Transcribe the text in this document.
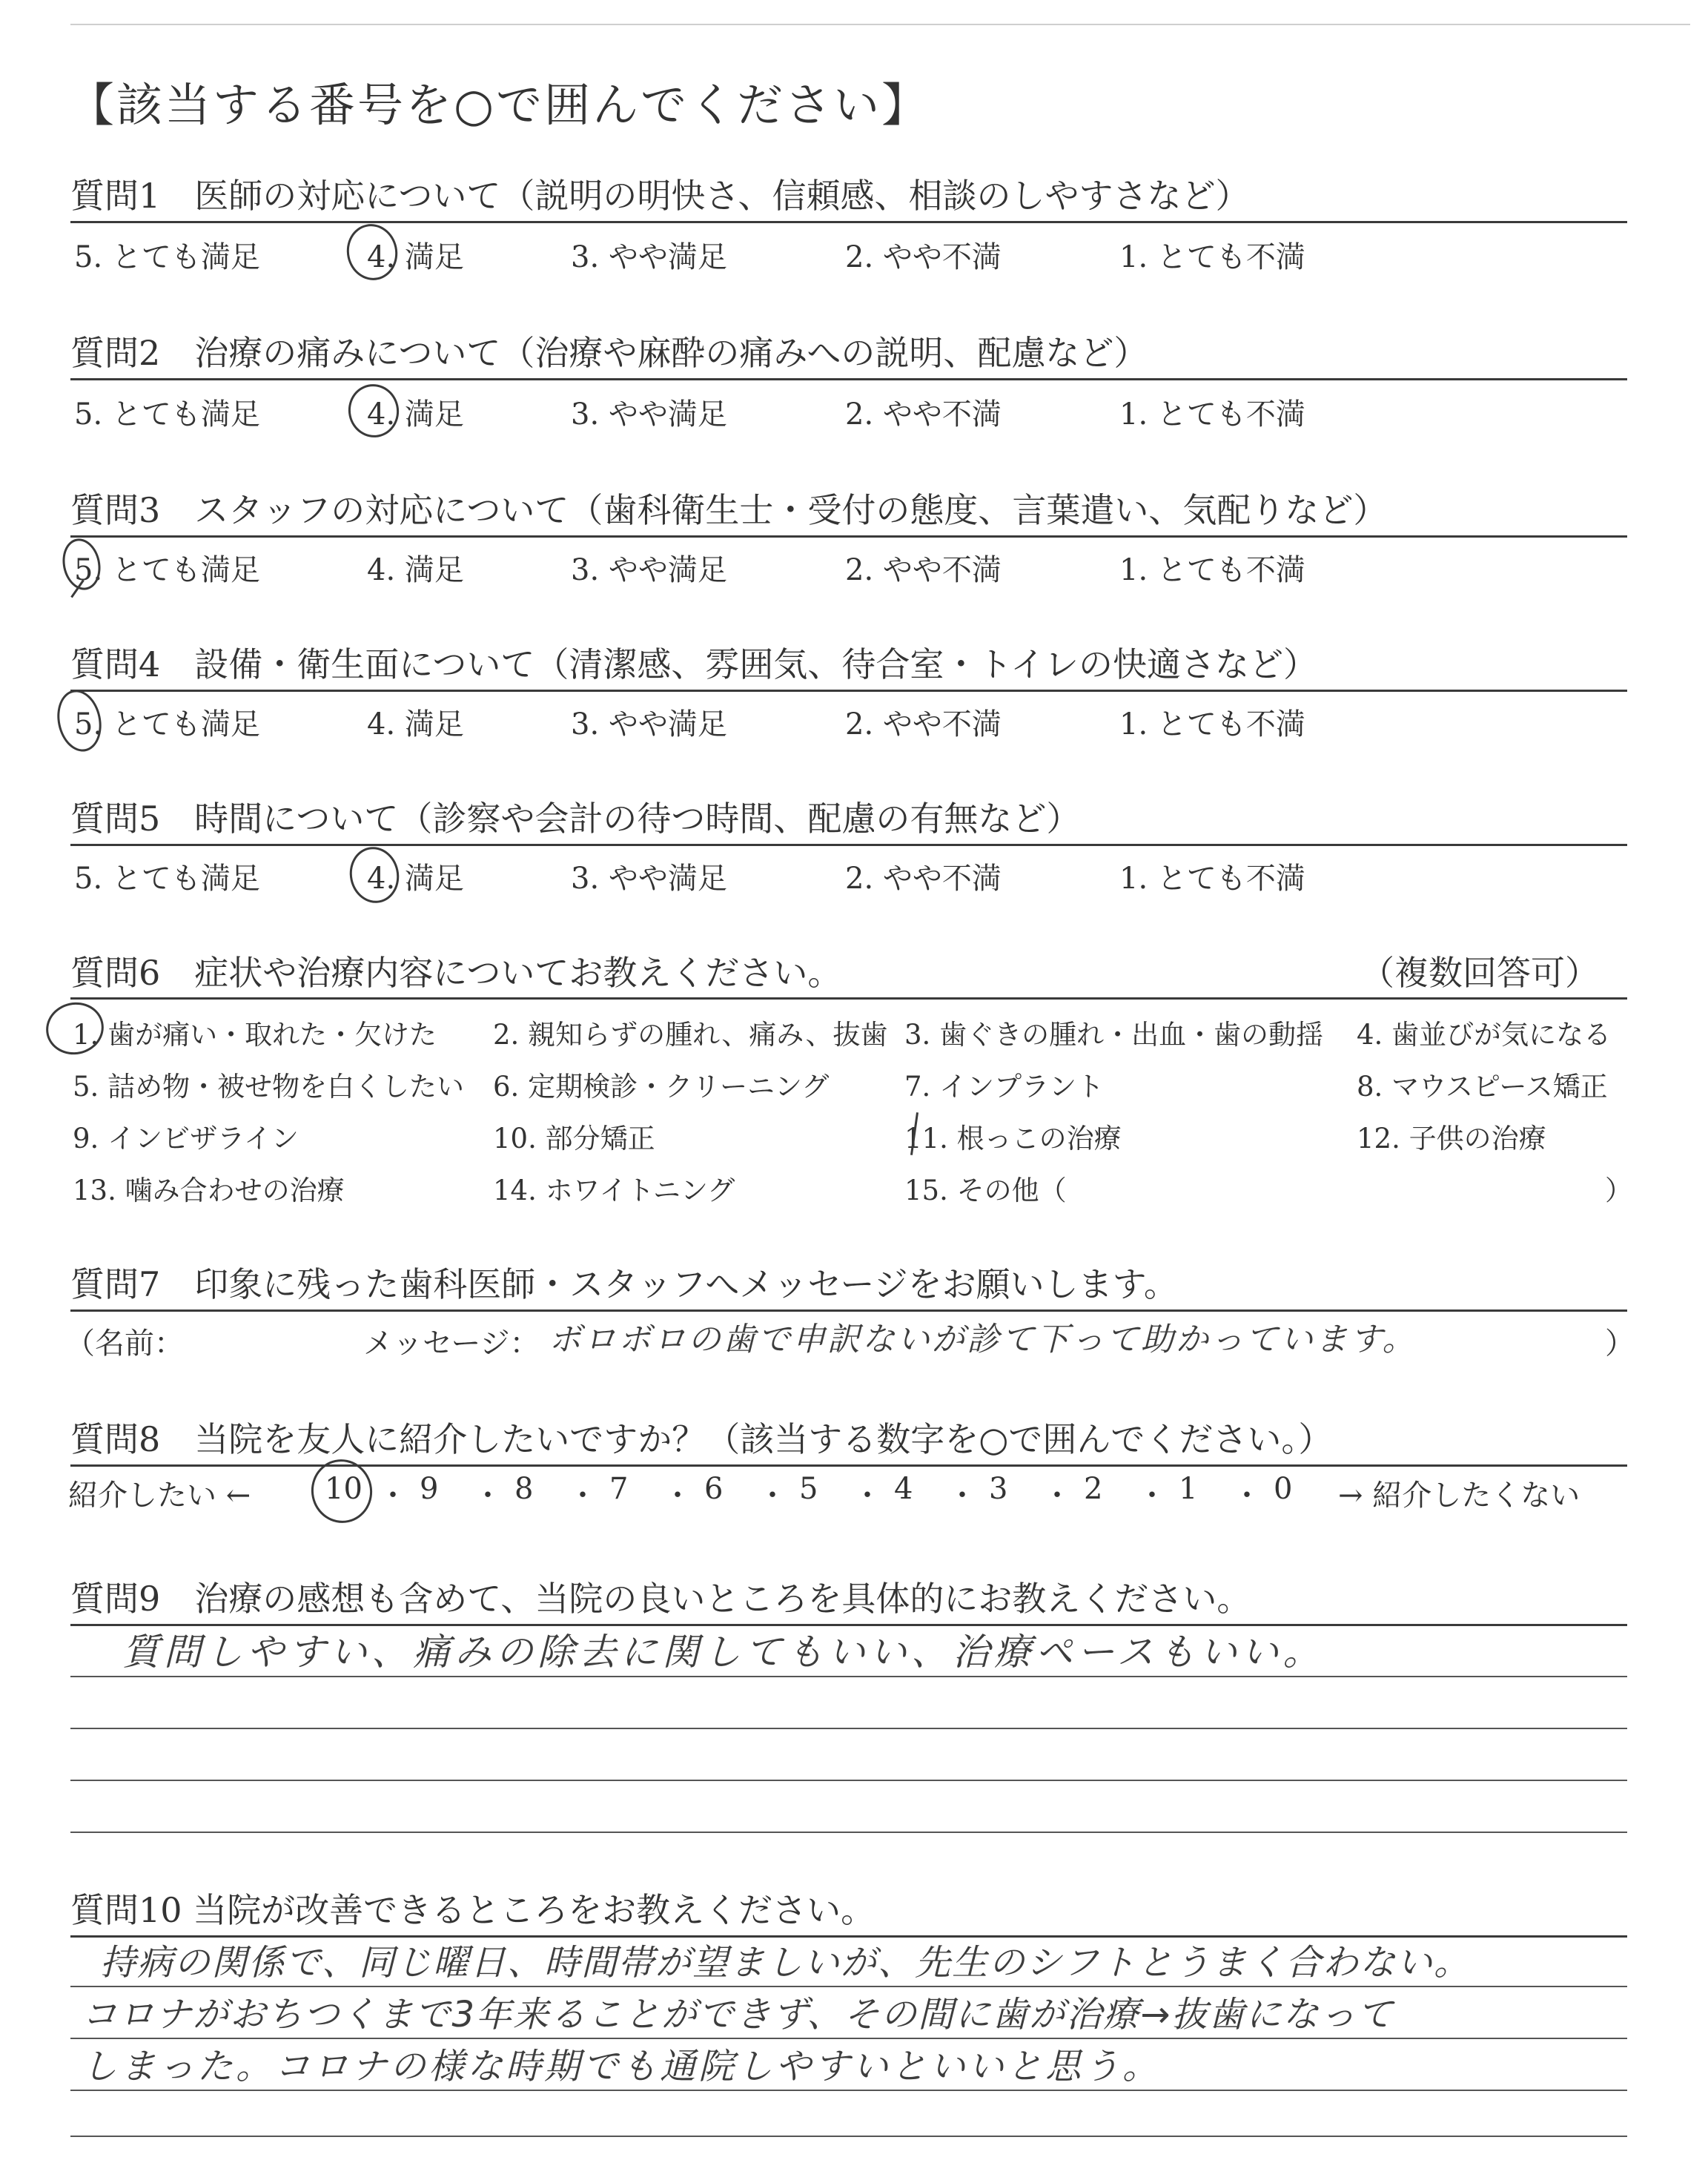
【該当する番号を○で囲んでください】
質問1　医師の対応について（説明の明快さ、信頼感、相談のしやすさなど）
5. とても満足	4. 満足	3. やや満足	2. やや不満	1. とても不満
質問2　治療の痛みについて（治療や麻酔の痛みへの説明、配慮など）
5. とても満足	4. 満足	3. やや満足	2. やや不満	1. とても不満
質問3　スタッフの対応について（歯科衛生士・受付の態度、言葉遣い、気配りなど）
5. とても満足	4. 満足	3. やや満足	2. やや不満	1. とても不満
質問4　設備・衛生面について（清潔感、雰囲気、待合室・トイレの快適さなど）
5. とても満足	4. 満足	3. やや満足	2. やや不満	1. とても不満
質問5　時間について（診察や会計の待つ時間、配慮の有無など）
5. とても満足	4. 満足	3. やや満足	2. やや不満	1. とても不満
質問6　症状や治療内容についてお教えください。	（複数回答可）
1. 歯が痛い・取れた・欠けた 2. 親知らずの腫れ、痛み、抜歯 3. 歯ぐきの腫れ・出血・歯の動揺 4. 歯並びが気になる
5. 詰め物・被せ物を白くしたい 6. 定期検診・クリーニング	7. インプラント	8. マウスピース矯正
9. インビザライン	10. 部分矯正	11. 根っこの治療	12. 子供の治療
13. 噛み合わせの治療	14. ホワイトニング	15. その他（	）
質問7　印象に残った歯科医師・スタッフへメッセージをお願いします。
（名前：	メッセージ： ボロボロの歯で申訳ないが診て下って助かっています。	）
質問8　当院を友人に紹介したいですか？（該当する数字を○で囲んでください。）
紹介したい ←	→ 紹介したくない
10 ・ 9 ・ 8 ・ 7 ・ 6 ・ 5 ・ 4 ・ 3 ・ 2 ・ 1 ・ 0
質問9　治療の感想も含めて、当院の良いところを具体的にお教えください。
質問しやすい、痛みの除去に関してもいい、治療ペースもいい。
質問10 当院が改善できるところをお教えください。
持病の関係で、同じ曜日、時間帯が望ましいが、先生のシフトとうまく合わない。
コロナがおちつくまで3年来ることができず、その間に歯が治療→抜歯になって
しまった。コロナの様な時期でも通院しやすいといいと思う。
